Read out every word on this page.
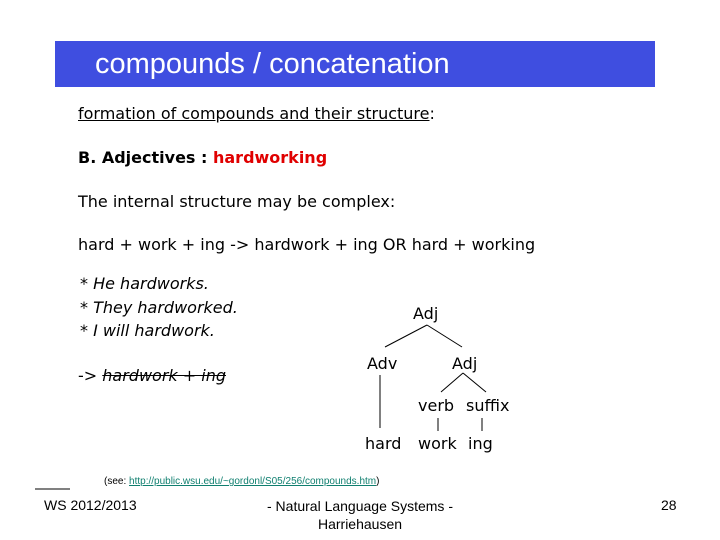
compounds / concatenation
formation of compounds and their structure:
B. Adjectives : hardworking
The internal structure may be complex:
hard + work + ing -> hardwork + ing OR hard + working
* He hardworks.
* They hardworked.
* I will hardwork.
-> hardwork + ing
Adj
Adv	Adj
verb suffix
hard work ing
(see: http://public.wsu.edu/~gordonl/S05/256/compounds.htm)
WS 2012/2013	- Natural Language Systems -
Harriehausen
28
